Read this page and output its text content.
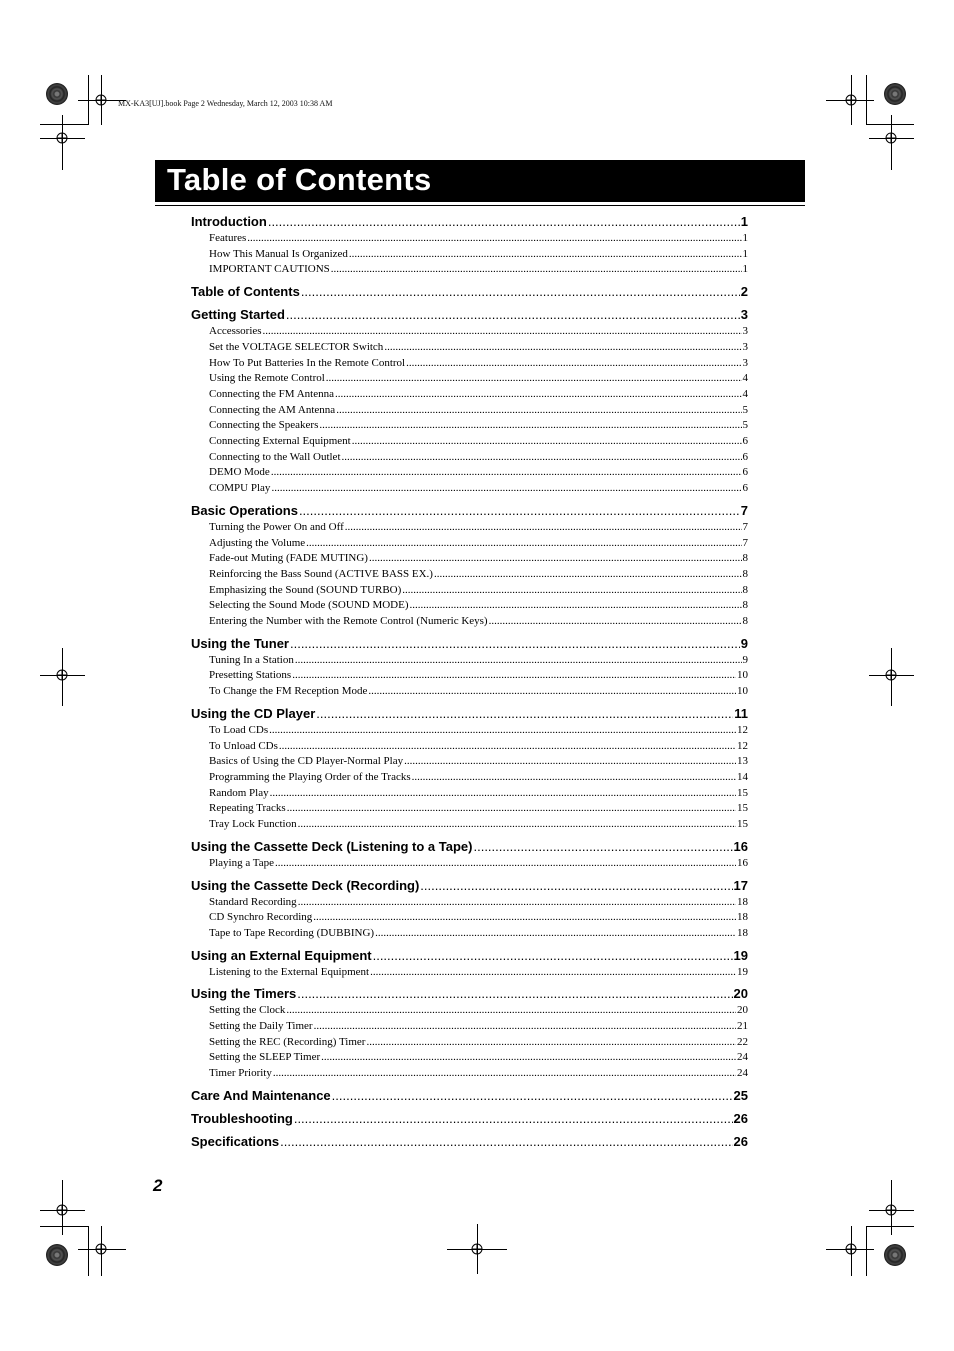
MX-KA3[UJ].book Page 2 Wednesday, March 12, 2003 10:38 AM
Table of Contents
Introduction .....	1
Features .....	1
How This Manual Is Organized .....	1
IMPORTANT CAUTIONS .....	1
Table of Contents .....	2
Getting Started .....	3
Accessories .....	3
Set the VOLTAGE SELECTOR Switch .....	3
How To Put Batteries In the Remote Control .....	3
Using the Remote Control .....	4
Connecting the FM Antenna .....	4
Connecting the AM Antenna .....	5
Connecting the Speakers .....	5
Connecting External Equipment .....	6
Connecting to the Wall Outlet .....	6
DEMO Mode .....	6
COMPU Play .....	6
Basic Operations .....	7
Turning the Power On and Off .....	7
Adjusting the Volume .....	7
Fade-out Muting (FADE MUTING) .....	8
Reinforcing the Bass Sound (ACTIVE BASS EX.) .....	8
Emphasizing the Sound (SOUND TURBO) .....	8
Selecting the Sound Mode (SOUND MODE) .....	8
Entering the Number with the Remote Control (Numeric Keys) .....	8
Using the Tuner .....	9
Tuning In a Station .....	9
Presetting Stations .....	10
To Change the FM Reception Mode .....	10
Using the CD Player .....	11
To Load CDs .....	12
To Unload CDs .....	12
Basics of Using the CD Player-Normal Play .....	13
Programming the Playing Order of the Tracks .....	14
Random Play .....	15
Repeating Tracks .....	15
Tray Lock Function .....	15
Using the Cassette Deck (Listening to a Tape) .....	16
Playing a Tape .....	16
Using the Cassette Deck (Recording) .....	17
Standard Recording .....	18
CD Synchro Recording .....	18
Tape to Tape Recording (DUBBING) .....	18
Using an External Equipment .....	19
Listening to the External Equipment .....	19
Using the Timers .....	20
Setting the Clock .....	20
Setting the Daily Timer .....	21
Setting the REC (Recording) Timer .....	22
Setting the SLEEP Timer .....	24
Timer Priority .....	24
Care And Maintenance .....	25
Troubleshooting .....	26
Specifications .....	26
2
